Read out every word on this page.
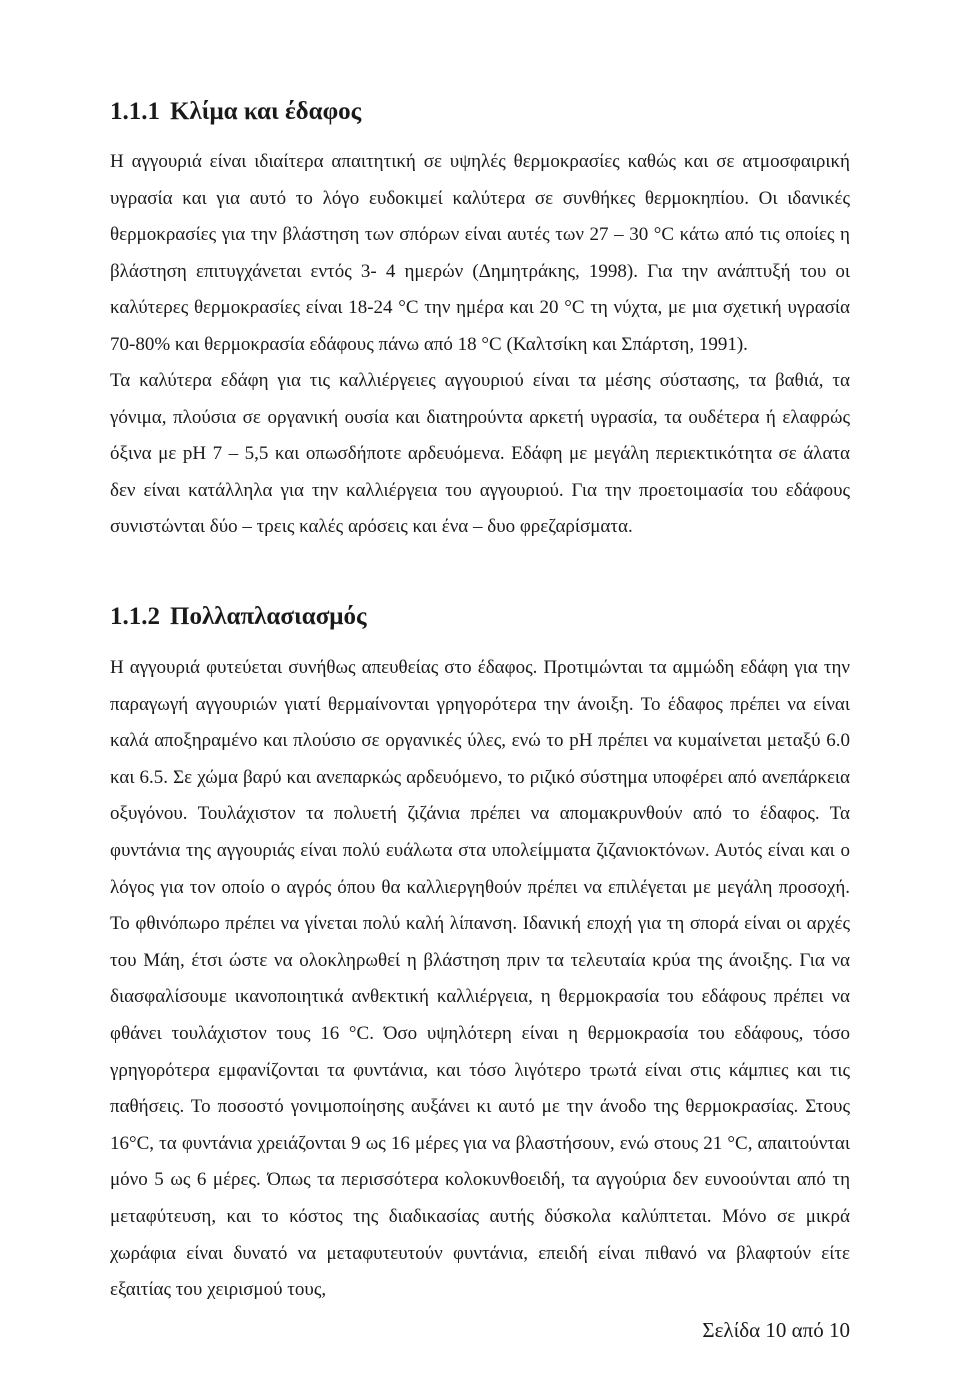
1.1.1 Κλίμα και έδαφος

Η αγγουριά είναι ιδιαίτερα απαιτητική σε υψηλές θερμοκρασίες καθώς και σε ατμοσφαιρική υγρασία και για αυτό το λόγο ευδοκιμεί καλύτερα σε συνθήκες θερμοκηπίου. Οι ιδανικές θερμοκρασίες για την βλάστηση των σπόρων είναι αυτές των 27 – 30 °C κάτω από τις οποίες η βλάστηση επιτυγχάνεται εντός 3- 4 ημερών (Δημητράκης, 1998). Για την ανάπτυξή του οι καλύτερες θερμοκρασίες είναι 18-24 °C την ημέρα και 20 °C τη νύχτα, με μια σχετική υγρασία 70-80% και θερμοκρασία εδάφους πάνω από 18 °C (Καλτσίκη και Σπάρτση, 1991).

Τα καλύτερα εδάφη για τις καλλιέργειες αγγουριού είναι τα μέσης σύστασης, τα βαθιά, τα γόνιμα, πλούσια σε οργανική ουσία και διατηρούντα αρκετή υγρασία, τα ουδέτερα ή ελαφρώς όξινα με pH 7 – 5,5 και οπωσδήποτε αρδευόμενα. Εδάφη με μεγάλη περιεκτικότητα σε άλατα δεν είναι κατάλληλα για την καλλιέργεια του αγγουριού. Για την προετοιμασία του εδάφους συνιστώνται δύο – τρεις καλές αρόσεις και ένα – δυο φρεζαρίσματα.

1.1.2 Πολλαπλασιασμός

Η αγγουριά φυτεύεται συνήθως απευθείας στο έδαφος. Προτιμώνται τα αμμώδη εδάφη για την παραγωγή αγγουριών γιατί θερμαίνονται γρηγορότερα την άνοιξη. Το έδαφος πρέπει να είναι καλά αποξηραμένο και πλούσιο σε οργανικές ύλες, ενώ το pH πρέπει να κυμαίνεται μεταξύ 6.0 και 6.5. Σε χώμα βαρύ και ανεπαρκώς αρδευόμενο, το ριζικό σύστημα υποφέρει από ανεπάρκεια οξυγόνου. Τουλάχιστον τα πολυετή ζιζάνια πρέπει να απομακρυνθούν από το έδαφος. Τα φυντάνια της αγγουριάς είναι πολύ ευάλωτα στα υπολείμματα ζιζανιοκτόνων. Αυτός είναι και ο λόγος για τον οποίο ο αγρός όπου θα καλλιεργηθούν πρέπει να επιλέγεται με μεγάλη προσοχή. Το φθινόπωρο πρέπει να γίνεται πολύ καλή λίπανση. Ιδανική εποχή για τη σπορά είναι οι αρχές του Μάη, έτσι ώστε να ολοκληρωθεί η βλάστηση πριν τα τελευταία κρύα της άνοιξης. Για να διασφαλίσουμε ικανοποιητικά ανθεκτική καλλιέργεια, η θερμοκρασία του εδάφους πρέπει να φθάνει τουλάχιστον τους 16 °C. Όσο υψηλότερη είναι η θερμοκρασία του εδάφους, τόσο γρηγορότερα εμφανίζονται τα φυντάνια, και τόσο λιγότερο τρωτά είναι στις κάμπιες και τις παθήσεις. Το ποσοστό γονιμοποίησης αυξάνει κι αυτό με την άνοδο της θερμοκρασίας. Στους 16°C, τα φυντάνια χρειάζονται 9 ως 16 μέρες για να βλαστήσουν, ενώ στους 21 °C, απαιτούνται μόνο 5 ως 6 μέρες. Όπως τα περισσότερα κολοκυνθοειδή, τα αγγούρια δεν ευνοούνται από τη μεταφύτευση, και το κόστος της διαδικασίας αυτής δύσκολα καλύπτεται. Μόνο σε μικρά χωράφια είναι δυνατό να μεταφυτευτούν φυντάνια, επειδή είναι πιθανό να βλαφτούν είτε εξαιτίας του χειρισμού τους,

Σελίδα 10 από 10
